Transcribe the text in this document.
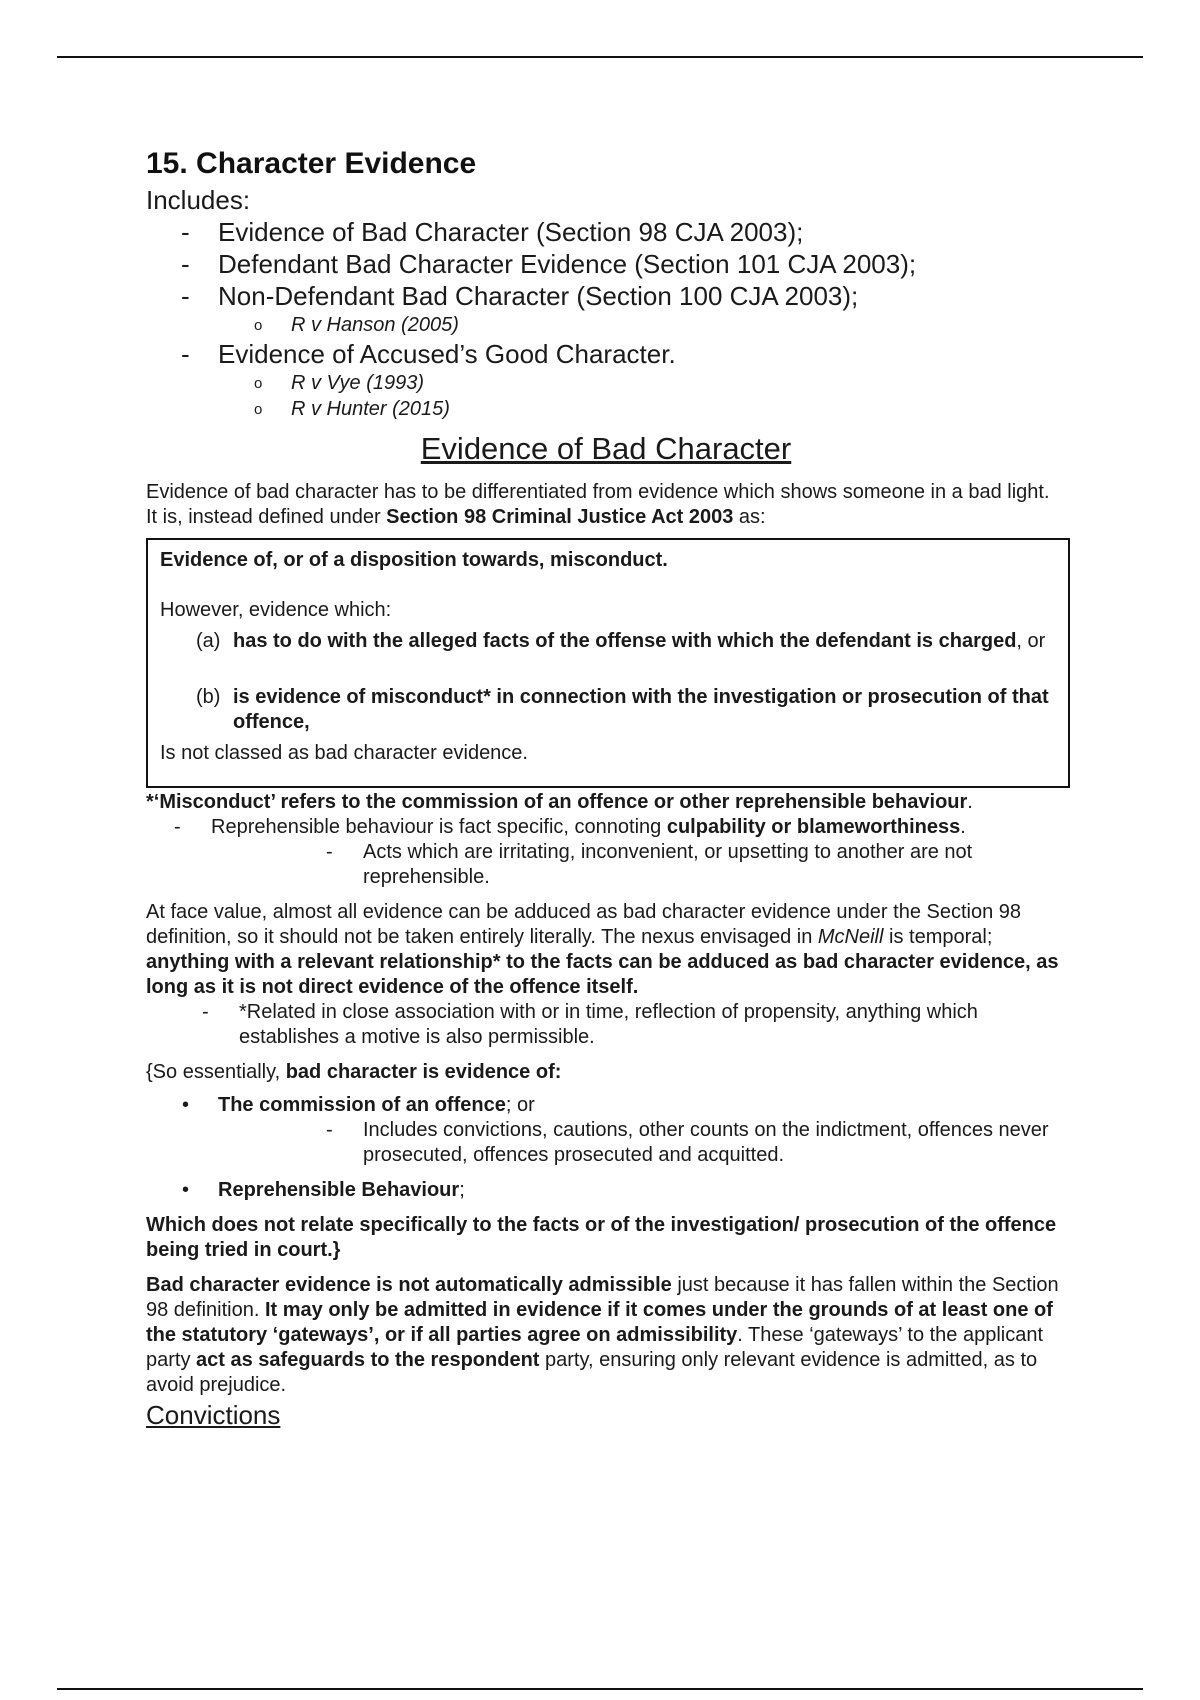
15. Character Evidence
Includes:
- Evidence of Bad Character (Section 98 CJA 2003);
- Defendant Bad Character Evidence (Section 101 CJA 2003);
- Non-Defendant Bad Character (Section 100 CJA 2003);
o R v Hanson (2005)
- Evidence of Accused’s Good Character.
o R v Vye (1993)
o R v Hunter (2015)
Evidence of Bad Character

Evidence of bad character has to be differentiated from evidence which shows someone in a bad light. It is, instead defined under Section 98 Criminal Justice Act 2003 as:

Evidence of, or of a disposition towards, misconduct.

However, evidence which:

(a) has to do with the alleged facts of the offense with which the defendant is charged, or
(b) is evidence of misconduct* in connection with the investigation or prosecution of that offence,

Is not classed as bad character evidence.

*‘Misconduct’ refers to the commission of an offence or other reprehensible behaviour.

- Reprehensible behaviour is fact specific, connoting culpability or blameworthiness.
- Acts which are irritating, inconvenient, or upsetting to another are not reprehensible.

At face value, almost all evidence can be adduced as bad character evidence under the Section 98 definition, so it should not be taken entirely literally. The nexus envisaged in McNeill is temporal; anything with a relevant relationship* to the facts can be adduced as bad character evidence, as long as it is not direct evidence of the offence itself.

- *Related in close association with or in time, reflection of propensity, anything which establishes a motive is also permissible.

{So essentially, bad character is evidence of:

• The commission of an offence; or
- Includes convictions, cautions, other counts on the indictment, offences never prosecuted, offences prosecuted and acquitted.
• Reprehensible Behaviour;

Which does not relate specifically to the facts or of the investigation/ prosecution of the offence being tried in court.}

Bad character evidence is not automatically admissible just because it has fallen within the Section 98 definition. It may only be admitted in evidence if it comes under the grounds of at least one of the statutory ‘gateways’, or if all parties agree on admissibility. These ‘gateways’ to the applicant party act as safeguards to the respondent party, ensuring only relevant evidence is admitted, as to avoid prejudice.

Convictions
